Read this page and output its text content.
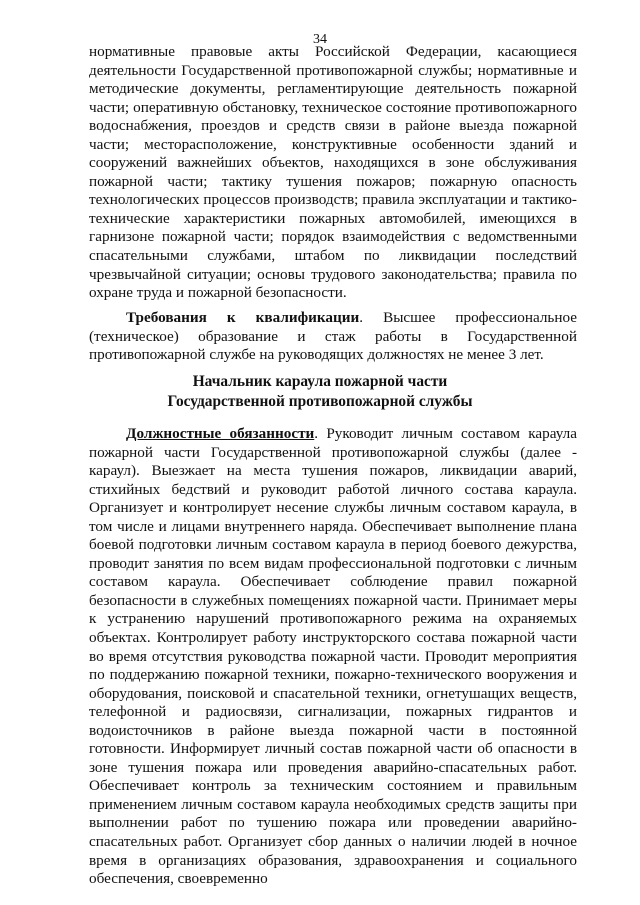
34
нормативные правовые акты Российской Федерации, касающиеся деятельности Государственной противопожарной службы; нормативные и методические документы, регламентирующие деятельность пожарной части; оперативную обстановку, техническое состояние противопожарного водоснабжения, проездов и средств связи в районе выезда пожарной части; месторасположение, конструктивные особенности зданий и сооружений важнейших объектов, находящихся в зоне обслуживания пожарной части; тактику тушения пожаров; пожарную опасность технологических процессов производств; правила эксплуатации и тактико-технические характеристики пожарных автомобилей, имеющихся в гарнизоне пожарной части; порядок взаимодействия с ведомственными спасательными службами, штабом по ликвидации последствий чрезвычайной ситуации; основы трудового законодательства; правила по охране труда и пожарной безопасности.
Требования к квалификации. Высшее профессиональное (техническое) образование и стаж работы в Государственной противопожарной службе на руководящих должностях не менее 3 лет.
Начальник караула пожарной части
Государственной противопожарной службы
Должностные обязанности. Руководит личным составом караула пожарной части Государственной противопожарной службы (далее - караул). Выезжает на места тушения пожаров, ликвидации аварий, стихийных бедствий и руководит работой личного состава караула. Организует и контролирует несение службы личным составом караула, в том числе и лицами внутреннего наряда. Обеспечивает выполнение плана боевой подготовки личным составом караула в период боевого дежурства, проводит занятия по всем видам профессиональной подготовки с личным составом караула. Обеспечивает соблюдение правил пожарной безопасности в служебных помещениях пожарной части. Принимает меры к устранению нарушений противопожарного режима на охраняемых объектах. Контролирует работу инструкторского состава пожарной части во время отсутствия руководства пожарной части. Проводит мероприятия по поддержанию пожарной техники, пожарно-технического вооружения и оборудования, поисковой и спасательной техники, огнетушащих веществ, телефонной и радиосвязи, сигнализации, пожарных гидрантов и водоисточников в районе выезда пожарной части в постоянной готовности. Информирует личный состав пожарной части об опасности в зоне тушения пожара или проведения аварийно-спасательных работ. Обеспечивает контроль за техническим состоянием и правильным применением личным составом караула необходимых средств защиты при выполнении работ по тушению пожара или проведении аварийно-спасательных работ. Организует сбор данных о наличии людей в ночное время в организациях образования, здравоохранения и социального обеспечения, своевременно
